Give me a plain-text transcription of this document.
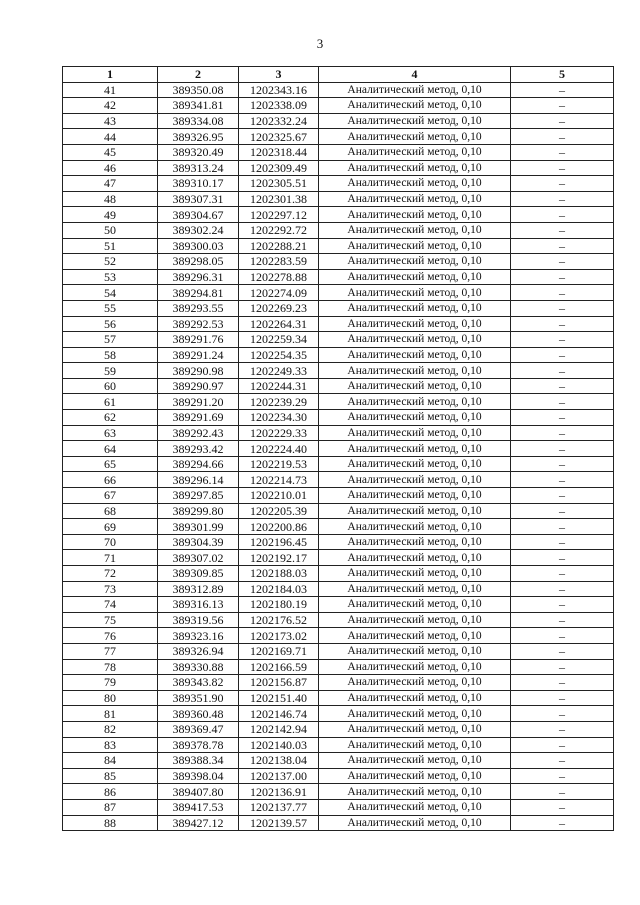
3
1	2	3	4	5
41	389350.08	1202343.16	Аналитический метод, 0,10	–
42	389341.81	1202338.09	Аналитический метод, 0,10	–
43	389334.08	1202332.24	Аналитический метод, 0,10	–
44	389326.95	1202325.67	Аналитический метод, 0,10	–
45	389320.49	1202318.44	Аналитический метод, 0,10	–
46	389313.24	1202309.49	Аналитический метод, 0,10	–
47	389310.17	1202305.51	Аналитический метод, 0,10	–
48	389307.31	1202301.38	Аналитический метод, 0,10	–
49	389304.67	1202297.12	Аналитический метод, 0,10	–
50	389302.24	1202292.72	Аналитический метод, 0,10	–
51	389300.03	1202288.21	Аналитический метод, 0,10	–
52	389298.05	1202283.59	Аналитический метод, 0,10	–
53	389296.31	1202278.88	Аналитический метод, 0,10	–
54	389294.81	1202274.09	Аналитический метод, 0,10	–
55	389293.55	1202269.23	Аналитический метод, 0,10	–
56	389292.53	1202264.31	Аналитический метод, 0,10	–
57	389291.76	1202259.34	Аналитический метод, 0,10	–
58	389291.24	1202254.35	Аналитический метод, 0,10	–
59	389290.98	1202249.33	Аналитический метод, 0,10	–
60	389290.97	1202244.31	Аналитический метод, 0,10	–
61	389291.20	1202239.29	Аналитический метод, 0,10	–
62	389291.69	1202234.30	Аналитический метод, 0,10	–
63	389292.43	1202229.33	Аналитический метод, 0,10	–
64	389293.42	1202224.40	Аналитический метод, 0,10	–
65	389294.66	1202219.53	Аналитический метод, 0,10	–
66	389296.14	1202214.73	Аналитический метод, 0,10	–
67	389297.85	1202210.01	Аналитический метод, 0,10	–
68	389299.80	1202205.39	Аналитический метод, 0,10	–
69	389301.99	1202200.86	Аналитический метод, 0,10	–
70	389304.39	1202196.45	Аналитический метод, 0,10	–
71	389307.02	1202192.17	Аналитический метод, 0,10	–
72	389309.85	1202188.03	Аналитический метод, 0,10	–
73	389312.89	1202184.03	Аналитический метод, 0,10	–
74	389316.13	1202180.19	Аналитический метод, 0,10	–
75	389319.56	1202176.52	Аналитический метод, 0,10	–
76	389323.16	1202173.02	Аналитический метод, 0,10	–
77	389326.94	1202169.71	Аналитический метод, 0,10	–
78	389330.88	1202166.59	Аналитический метод, 0,10	–
79	389343.82	1202156.87	Аналитический метод, 0,10	–
80	389351.90	1202151.40	Аналитический метод, 0,10	–
81	389360.48	1202146.74	Аналитический метод, 0,10	–
82	389369.47	1202142.94	Аналитический метод, 0,10	–
83	389378.78	1202140.03	Аналитический метод, 0,10	–
84	389388.34	1202138.04	Аналитический метод, 0,10	–
85	389398.04	1202137.00	Аналитический метод, 0,10	–
86	389407.80	1202136.91	Аналитический метод, 0,10	–
87	389417.53	1202137.77	Аналитический метод, 0,10	–
88	389427.12	1202139.57	Аналитический метод, 0,10	–
